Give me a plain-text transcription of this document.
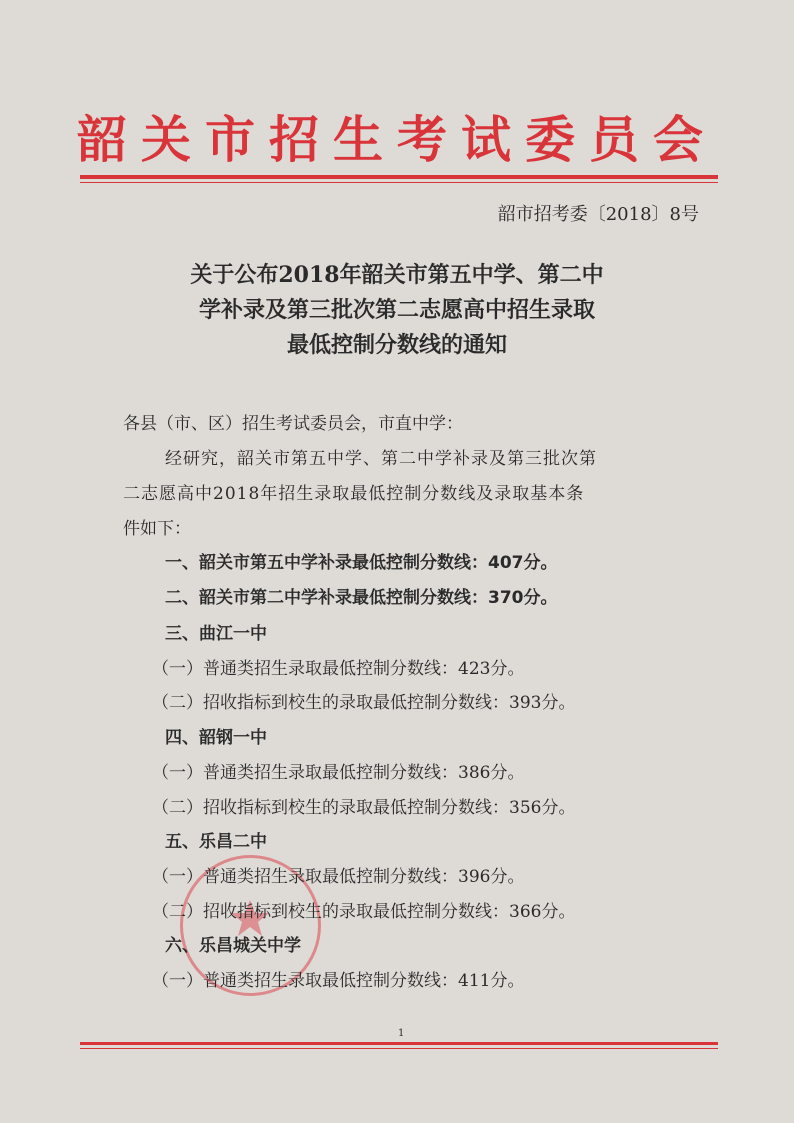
韶关市招生考试委员会
韶市招考委〔2018〕8号
关于公布2018年韶关市第五中学、第二中
学补录及第三批次第二志愿高中招生录取
最低控制分数线的通知
各县（市、区）招生考试委员会，市直中学：
经研究，韶关市第五中学、第二中学补录及第三批次第
二志愿高中2018年招生录取最低控制分数线及录取基本条
件如下：
一、韶关市第五中学补录最低控制分数线：407分。
二、韶关市第二中学补录最低控制分数线：370分。
三、曲江一中
（一）普通类招生录取最低控制分数线：423分。
（二）招收指标到校生的录取最低控制分数线：393分。
四、韶钢一中
（一）普通类招生录取最低控制分数线：386分。
（二）招收指标到校生的录取最低控制分数线：356分。
五、乐昌二中
（一）普通类招生录取最低控制分数线：396分。
（二）招收指标到校生的录取最低控制分数线：366分。
六、乐昌城关中学
（一）普通类招生录取最低控制分数线：411分。
1
